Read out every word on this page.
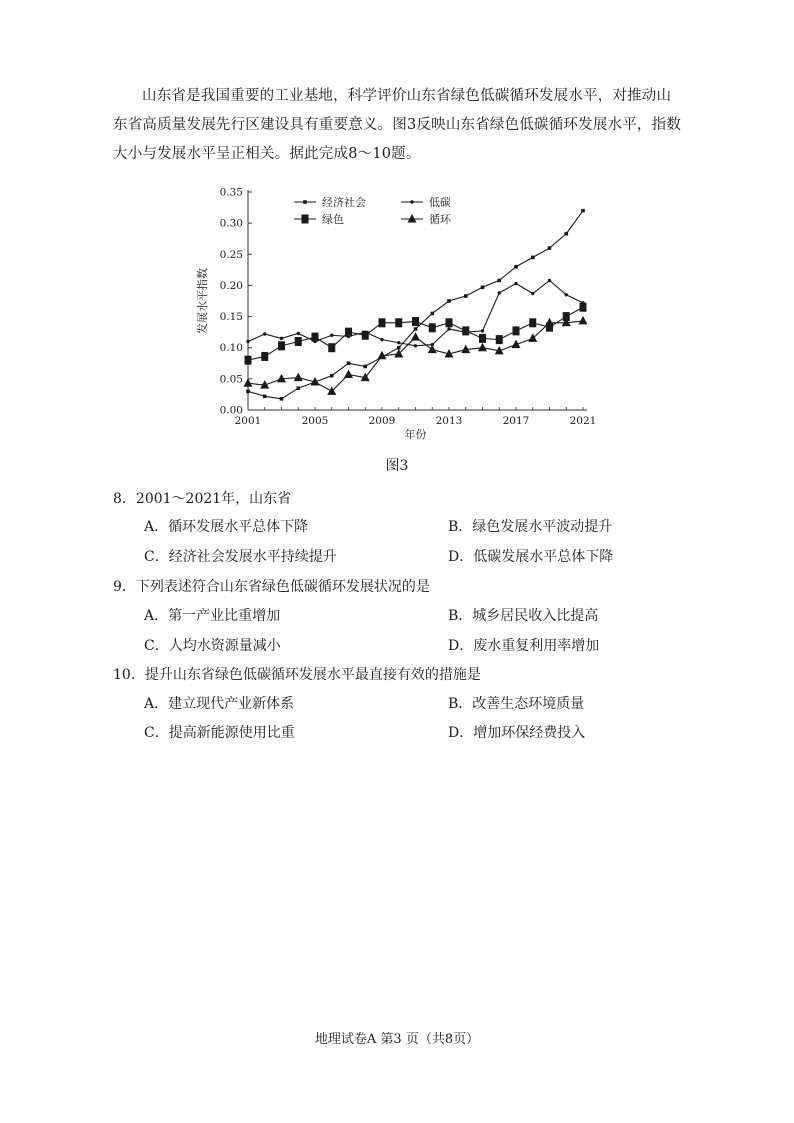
山东省是我国重要的工业基地，科学评价山东省绿色低碳循环发展水平，对推动山东省高质量发展先行区建设具有重要意义。图3反映山东省绿色低碳循环发展水平，指数大小与发展水平呈正相关。据此完成8～10题。

0.00
0.05
0.10
0.15
0.20
0.25
0.30
0.35
2001	2005	2009	2013	2017	2021
年份
发展水平指数
经济社会	低碳
绿色	循环
图3
8．2001～2021年，山东省
A．循环发展水平总体下降	B．绿色发展水平波动提升
C．经济社会发展水平持续提升	D．低碳发展水平总体下降
9．下列表述符合山东省绿色低碳循环发展状况的是
A．第一产业比重增加	B．城乡居民收入比提高
C．人均水资源量减小	D．废水重复利用率增加
10．提升山东省绿色低碳循环发展水平最直接有效的措施是
A．建立现代产业新体系	B．改善生态环境质量
C．提高新能源使用比重	D．增加环保经费投入
地理试卷A 第3 页（共8页）
